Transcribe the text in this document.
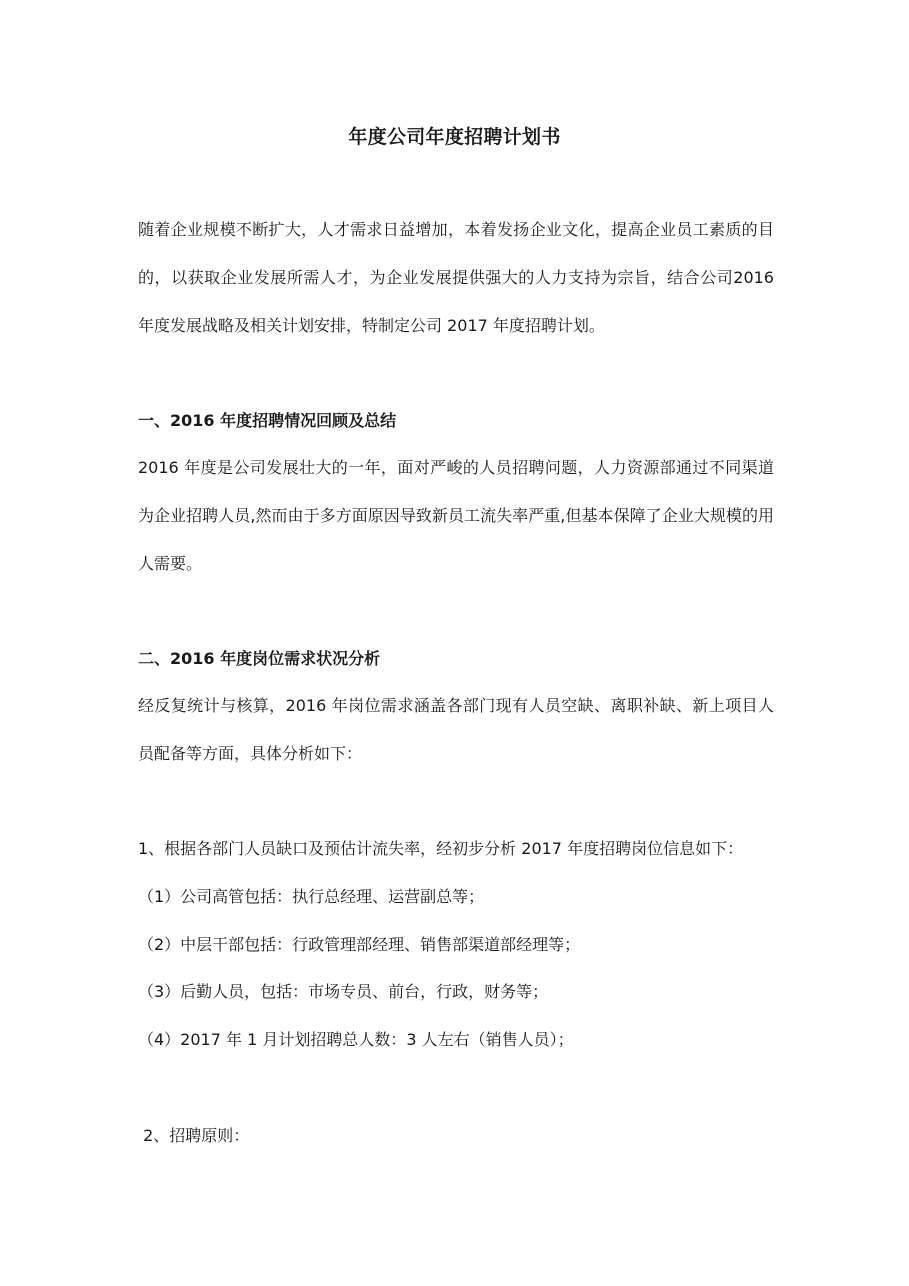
年度公司年度招聘计划书
随着企业规模不断扩大，人才需求日益增加，本着发扬企业文化，提高企业员工素质的目的，以获取企业发展所需人才，为企业发展提供强大的人力支持为宗旨，结合公司2016 年度发展战略及相关计划安排，特制定公司 2017 年度招聘计划。
一、2016 年度招聘情况回顾及总结
2016 年度是公司发展壮大的一年，面对严峻的人员招聘问题，人力资源部通过不同渠道为企业招聘人员,然而由于多方面原因导致新员工流失率严重,但基本保障了企业大规模的用人需要。
二、2016 年度岗位需求状况分析
经反复统计与核算，2016 年岗位需求涵盖各部门现有人员空缺、离职补缺、新上项目人员配备等方面，具体分析如下：
1、根据各部门人员缺口及预估计流失率，经初步分析 2017 年度招聘岗位信息如下：
（1）公司高管包括：执行总经理、运营副总等；
（2）中层干部包括：行政管理部经理、销售部渠道部经理等；
（3）后勤人员，包括：市场专员、前台，行政，财务等；
（4）2017 年 1 月计划招聘总人数：3 人左右（销售人员）；
2、招聘原则：
